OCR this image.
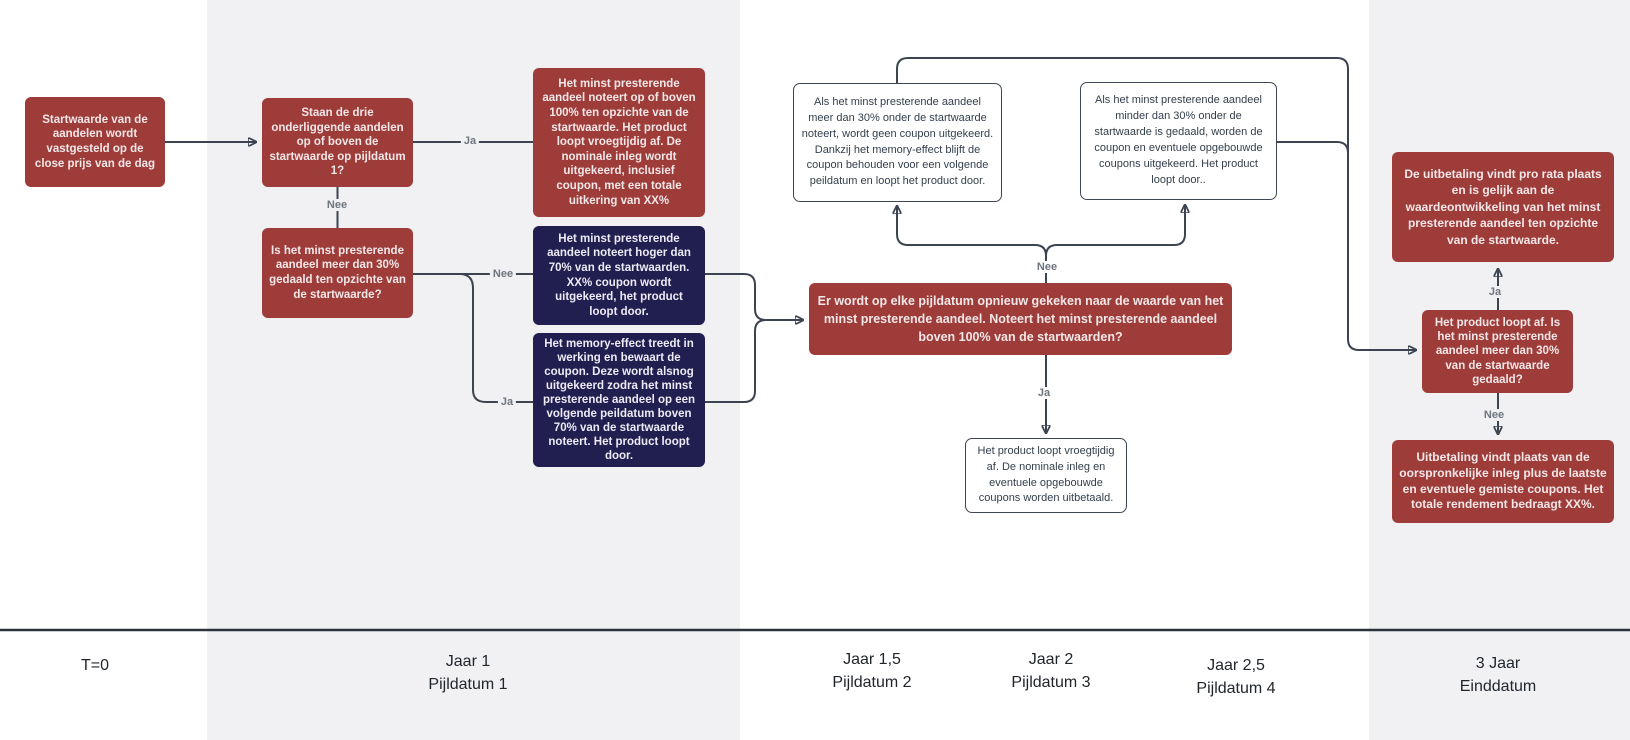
Startwaarde van de aandelen wordt vastgesteld op de close prijs van de dag
Staan de drie onderliggende aandelen op of boven de startwaarde op pijldatum 1?
Is het minst presterende aandeel meer dan 30% gedaald ten opzichte van de startwaarde?
Het minst presterende aandeel noteert op of boven 100% ten opzichte van de startwaarde. Het product loopt vroegtijdig af. De nominale inleg wordt uitgekeerd, inclusief coupon, met een totale uitkering van XX%
Het minst presterende aandeel noteert hoger dan 70% van de startwaarden. XX% coupon wordt uitgekeerd, het product loopt door.
Het memory-effect treedt in werking en bewaart de coupon. Deze wordt alsnog uitgekeerd zodra het minst presterende aandeel op een volgende peildatum boven 70% van de startwaarde noteert. Het product loopt door.
Er wordt op elke pijldatum opnieuw gekeken naar de waarde van het minst presterende aandeel. Noteert het minst presterende aandeel boven 100% van de startwaarden?
Als het minst presterende aandeel meer dan 30% onder de startwaarde noteert, wordt geen coupon uitgekeerd. Dankzij het memory-effect blijft de coupon behouden voor een volgende peildatum en loopt het product door.
Als het minst presterende aandeel minder dan 30% onder de startwaarde is gedaald, worden de coupon en eventuele opgebouwde coupons uitgekeerd. Het product loopt door..
Het product loopt vroegtijdig af. De nominale inleg en eventuele opgebouwde coupons worden uitbetaald.
De uitbetaling vindt pro rata plaats en is gelijk aan de waardeontwikkeling van het minst presterende aandeel ten opzichte van de startwaarde.
Het product loopt af. Is het minst presterende aandeel meer dan 30% van de startwaarde gedaald?
Uitbetaling vindt plaats van de oorspronkelijke inleg plus de laatste en eventuele gemiste coupons. Het totale rendement bedraagt XX%.
Ja
Nee
Nee
Ja
Nee
Ja
Ja
Nee
T=0	Jaar 1
Pijldatum 1
Jaar 1,5
Pijldatum 2
Jaar 2
Pijldatum 3
Jaar 2,5
Pijldatum 4
3 Jaar
Einddatum
